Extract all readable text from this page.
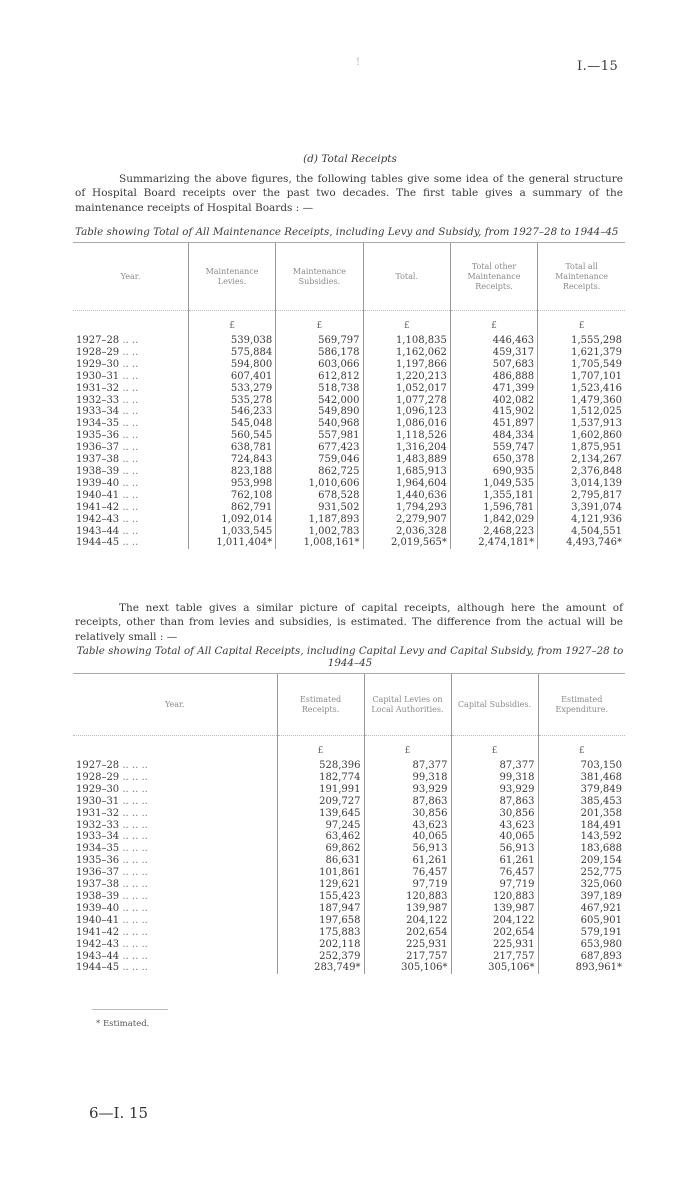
!	I.—15
(d) Total Receipts

Summarizing the above figures, the following tables give some idea of the general structure of Hospital Board receipts over the past two decades. The first table gives a summary of the maintenance receipts of Hospital Boards : —

Table showing Total of All Maintenance Receipts, including Levy and Subsidy, from 1927–28 to 1944–45
Year.	Maintenance Levies.	Maintenance Subsidies.	Total.	Total other Maintenance Receipts.	Total all Maintenance Receipts.
	£	£	£	£	£
1927–28 .. ..	539,038	569,797	1,108,835	446,463	1,555,298
1928–29 .. ..	575,884	586,178	1,162,062	459,317	1,621,379
1929–30 .. ..	594,800	603,066	1,197,866	507,683	1,705,549
1930–31 .. ..	607,401	612,812	1,220,213	486,888	1,707,101
1931–32 .. ..	533,279	518,738	1,052,017	471,399	1,523,416
1932–33 .. ..	535,278	542,000	1,077,278	402,082	1,479,360
1933–34 .. ..	546,233	549,890	1,096,123	415,902	1,512,025
1934–35 .. ..	545,048	540,968	1,086,016	451,897	1,537,913
1935–36 .. ..	560,545	557,981	1,118,526	484,334	1,602,860
1936–37 .. ..	638,781	677,423	1,316,204	559,747	1,875,951
1937–38 .. ..	724,843	759,046	1,483,889	650,378	2,134,267
1938–39 .. ..	823,188	862,725	1,685,913	690,935	2,376,848
1939–40 .. ..	953,998	1,010,606	1,964,604	1,049,535	3,014,139
1940–41 .. ..	762,108	678,528	1,440,636	1,355,181	2,795,817
1941–42 .. ..	862,791	931,502	1,794,293	1,596,781	3,391,074
1942–43 .. ..	1,092,014	1,187,893	2,279,907	1,842,029	4,121,936
1943–44 .. ..	1,033,545	1,002,783	2,036,328	2,468,223	4,504,551
1944–45 .. ..	1,011,404*	1,008,161*	2,019,565*	2,474,181*	4,493,746*

The next table gives a similar picture of capital receipts, although here the amount of receipts, other than from levies and subsidies, is estimated. The difference from the actual will be relatively small : —

Table showing Total of All Capital Receipts, including Capital Levy and Capital Subsidy, from 1927–28 to 1944–45
Year.	Estimated Receipts.	Capital Levies on Local Authorities.	Capital Subsidies.	Estimated Expenditure.
	£	£	£	£
1927–28 .. .. ..	528,396	87,377	87,377	703,150
1928–29 .. .. ..	182,774	99,318	99,318	381,468
1929–30 .. .. ..	191,991	93,929	93,929	379,849
1930–31 .. .. ..	209,727	87,863	87,863	385,453
1931–32 .. .. ..	139,645	30,856	30,856	201,358
1932–33 .. .. ..	97,245	43,623	43,623	184,491
1933–34 .. .. ..	63,462	40,065	40,065	143,592
1934–35 .. .. ..	69,862	56,913	56,913	183,688
1935–36 .. .. ..	86,631	61,261	61,261	209,154
1936–37 .. .. ..	101,861	76,457	76,457	252,775
1937–38 .. .. ..	129,621	97,719	97,719	325,060
1938–39 .. .. ..	155,423	120,883	120,883	397,189
1939–40 .. .. ..	187,947	139,987	139,987	467,921
1940–41 .. .. ..	197,658	204,122	204,122	605,901
1941–42 .. .. ..	175,883	202,654	202,654	579,191
1942–43 .. .. ..	202,118	225,931	225,931	653,980
1943–44 .. .. ..	252,379	217,757	217,757	687,893
1944–45 .. .. ..	283,749*	305,106*	305,106*	893,961*
* Estimated.
6—I. 15
